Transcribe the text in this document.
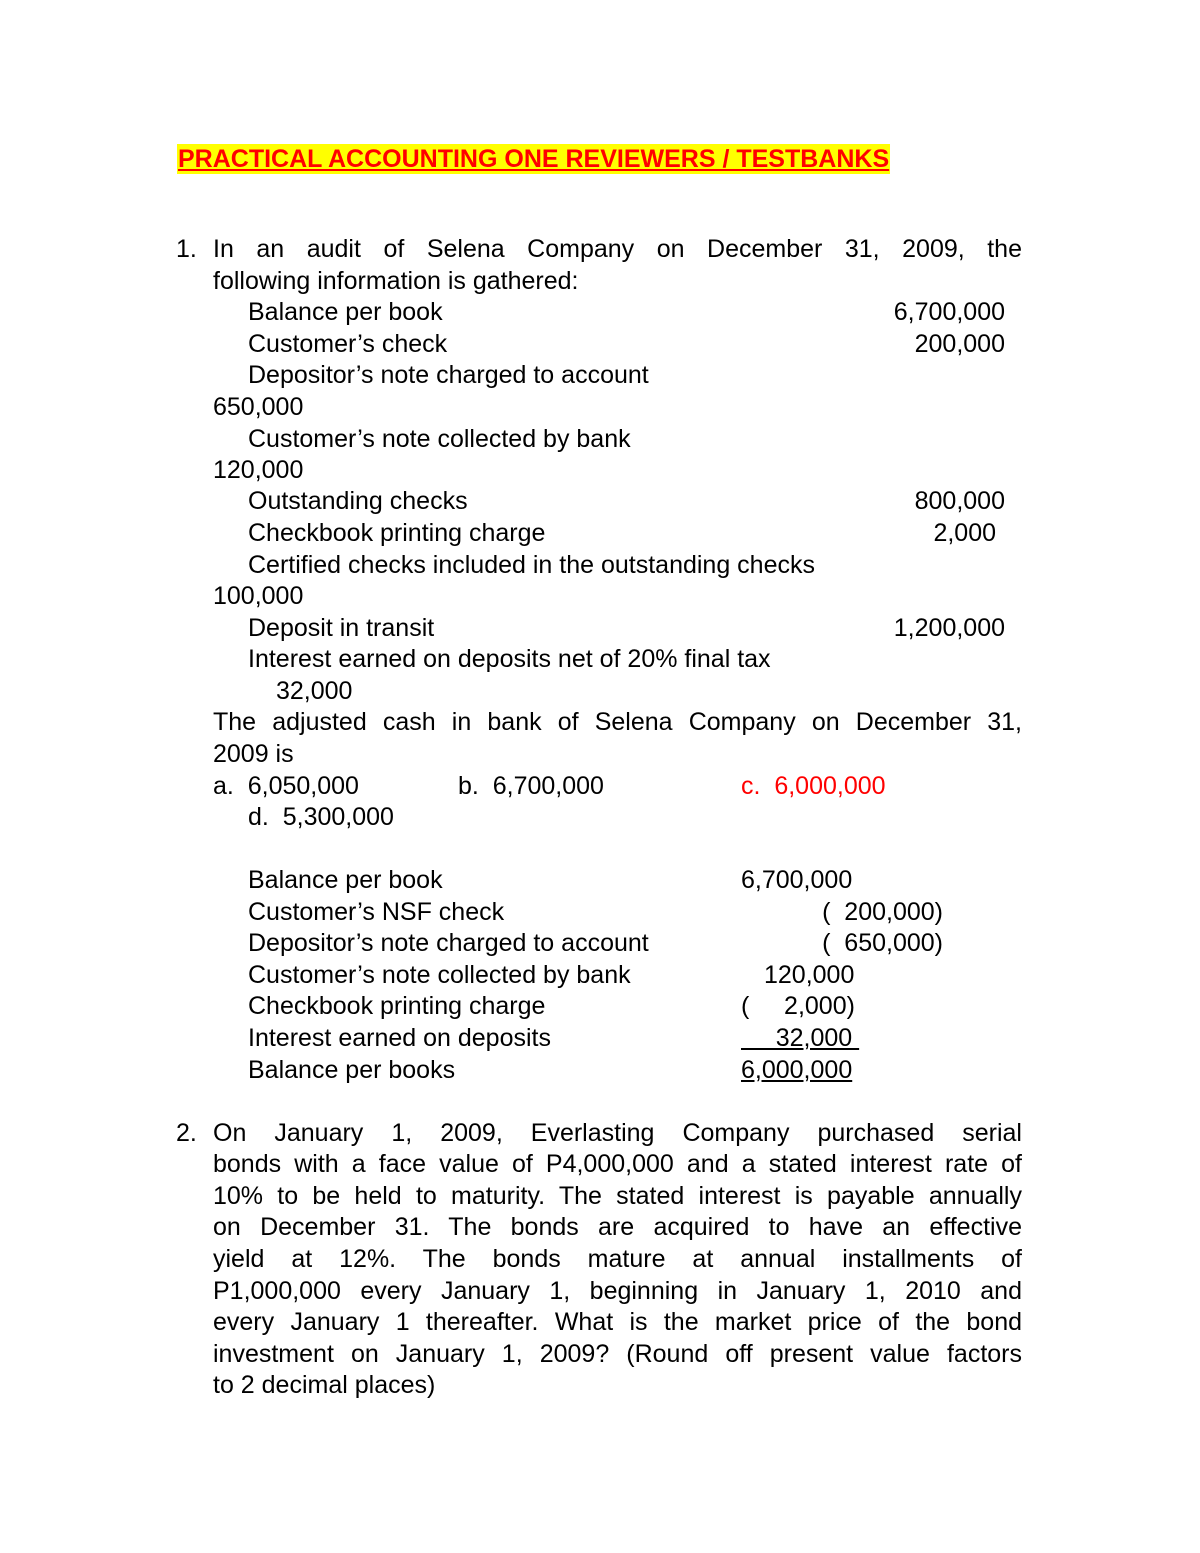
PRACTICAL ACCOUNTING ONE REVIEWERS / TESTBANKS
1. In an audit of Selena Company on December 31, 2009, the
following information is gathered:
Balance per book	6,700,000
Customer’s check	200,000
Depositor’s note charged to account
650,000
Customer’s note collected by bank
120,000
Outstanding checks	800,000
Checkbook printing charge	2,000
Certified checks included in the outstanding checks
100,000
Deposit in transit	1,200,000
Interest earned on deposits net of 20% final tax
32,000
The adjusted cash in bank of Selena Company on December 31,
2009 is
a.  6,050,000	b.  6,700,000	c.  6,000,000
d.  5,300,000
Balance per book	6,700,000
Customer’s NSF check	(  200,000)
Depositor’s note charged to account	(  650,000)
Customer’s note collected by bank	120,000
Checkbook printing charge	(     2,000)
Interest earned on deposits	32,000
Balance per books	6,000,000
2. On January 1, 2009, Everlasting Company purchased serial
bonds with a face value of P4,000,000 and a stated interest rate of
10% to be held to maturity. The stated interest is payable annually
on December 31. The bonds are acquired to have an effective
yield at 12%. The bonds mature at annual installments of
P1,000,000 every January 1, beginning in January 1, 2010 and
every January 1 thereafter. What is the market price of the bond
investment on January 1, 2009? (Round off present value factors
to 2 decimal places)
